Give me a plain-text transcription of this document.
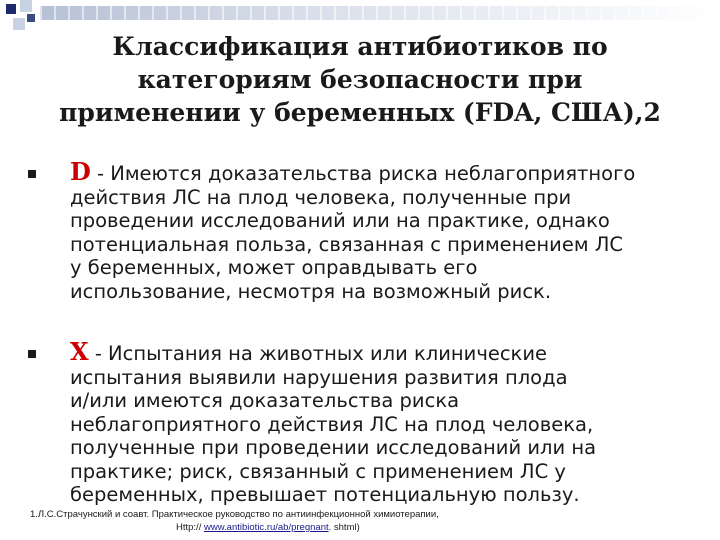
Классификация антибиотиков по
категориям безопасности при
применении у беременных (FDA, США),2
D - Имеются доказательства риска неблагоприятного
действия ЛС на плод человека, полученные при
проведении исследований или на практике, однако
потенциальная польза, связанная с применением ЛС
у беременных, может оправдывать его
использование, несмотря на возможный риск.
X - Испытания на животных или клинические
испытания выявили нарушения развития плода
и/или имеются доказательства риска
неблагоприятного действия ЛС на плод человека,
полученные при проведении исследований или на
практике; риск, связанный с применением ЛС у
беременных, превышает потенциальную пользу.
1.Л.С.Страчунский и соавт. Практическое руководство по антиинфекционной химиотерапии,
Http:// www.antibiotic.ru/ab/pregnant. shtml)
